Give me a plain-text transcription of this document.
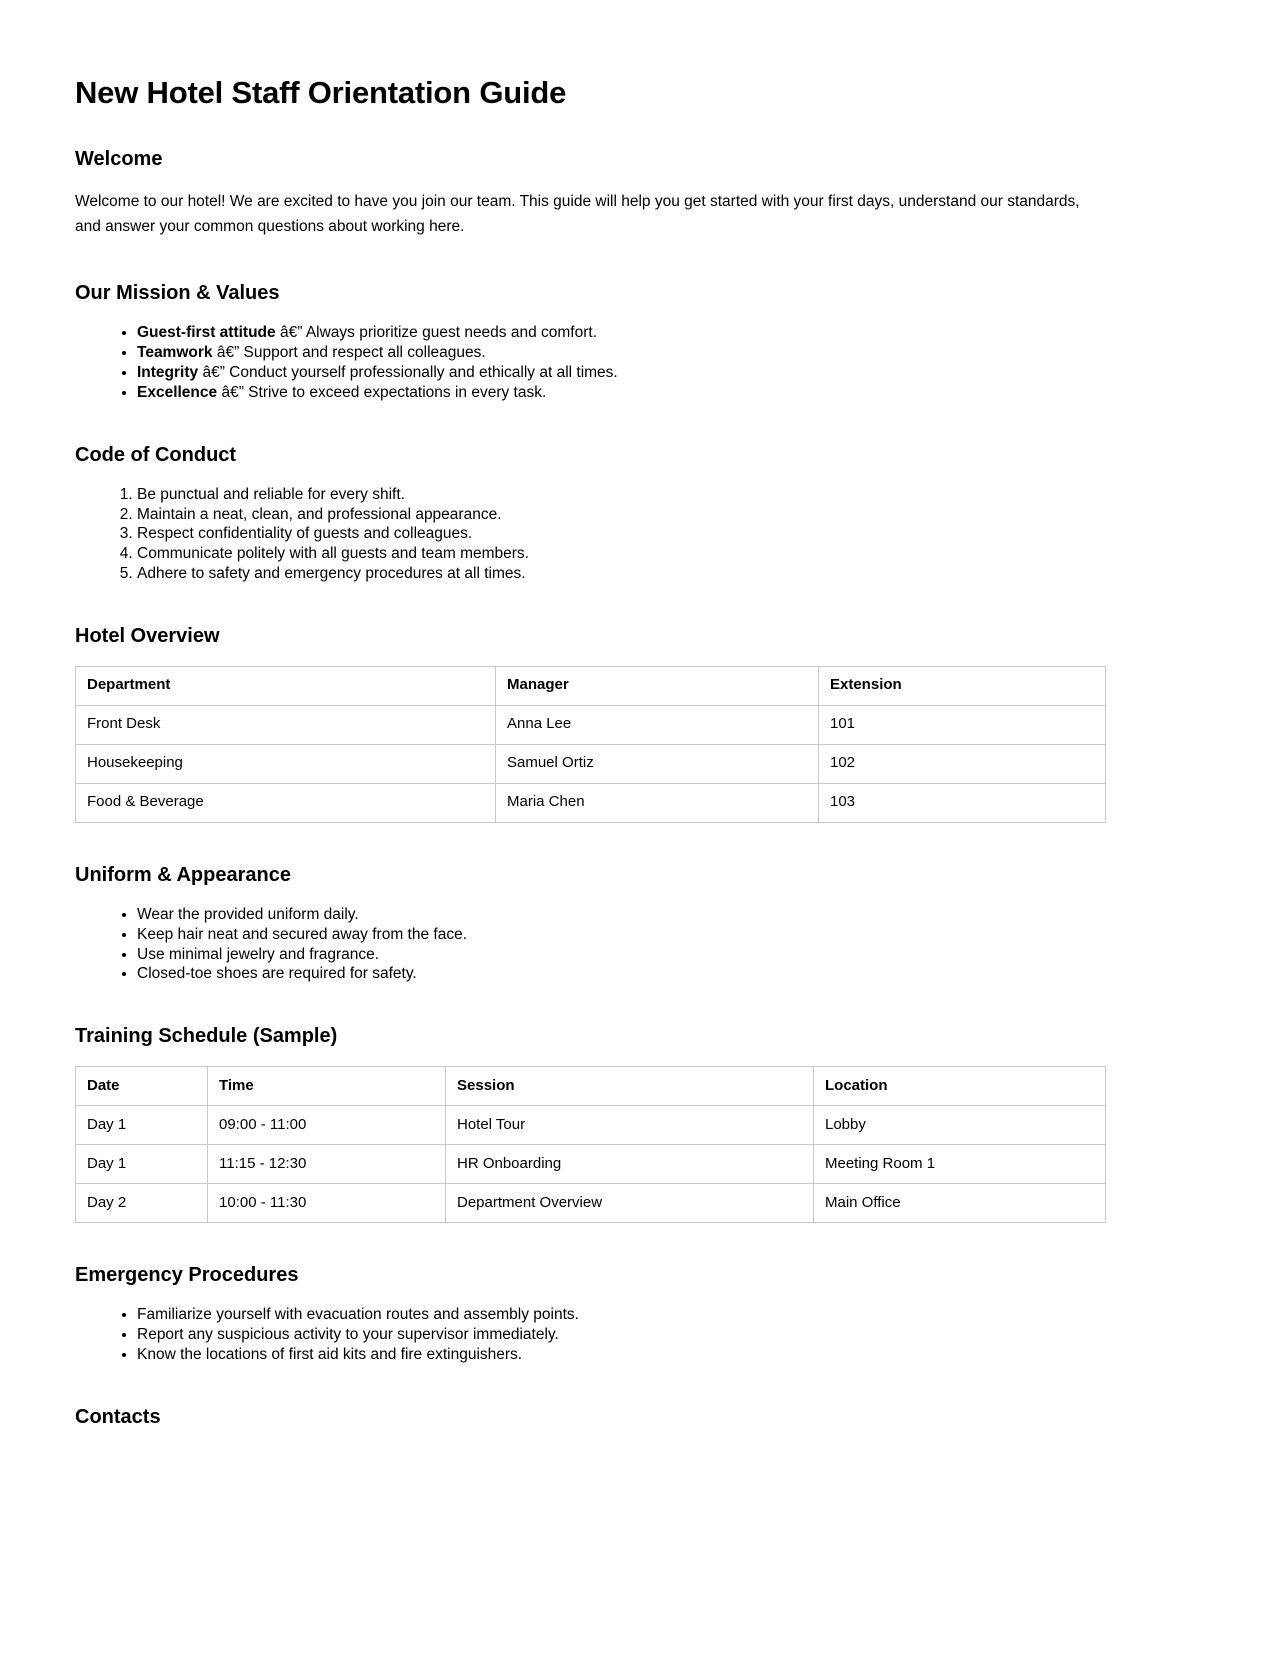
New Hotel Staff Orientation Guide
Welcome

Welcome to our hotel! We are excited to have you join our team. This guide will help you get started with your first days, understand our standards, and answer your common questions about working here.

Our Mission & Values
• Guest-first attitude â€” Always prioritize guest needs and comfort.
• Teamwork â€” Support and respect all colleagues.
• Integrity â€” Conduct yourself professionally and ethically at all times.
• Excellence â€” Strive to exceed expectations in every task.
Code of Conduct
1. Be punctual and reliable for every shift.
2. Maintain a neat, clean, and professional appearance.
3. Respect confidentiality of guests and colleagues.
4. Communicate politely with all guests and team members.
5. Adhere to safety and emergency procedures at all times.
Hotel Overview
Department	Manager	Extension
Front Desk	Anna Lee	101
Housekeeping	Samuel Ortiz	102
Food & Beverage	Maria Chen	103
Uniform & Appearance
• Wear the provided uniform daily.
• Keep hair neat and secured away from the face.
• Use minimal jewelry and fragrance.
• Closed-toe shoes are required for safety.
Training Schedule (Sample)
Date	Time	Session	Location
Day 1	09:00 - 11:00	Hotel Tour	Lobby
Day 1	11:15 - 12:30	HR Onboarding	Meeting Room 1
Day 2	10:00 - 11:30	Department Overview	Main Office
Emergency Procedures
• Familiarize yourself with evacuation routes and assembly points.
• Report any suspicious activity to your supervisor immediately.
• Know the locations of first aid kits and fire extinguishers.
Contacts
